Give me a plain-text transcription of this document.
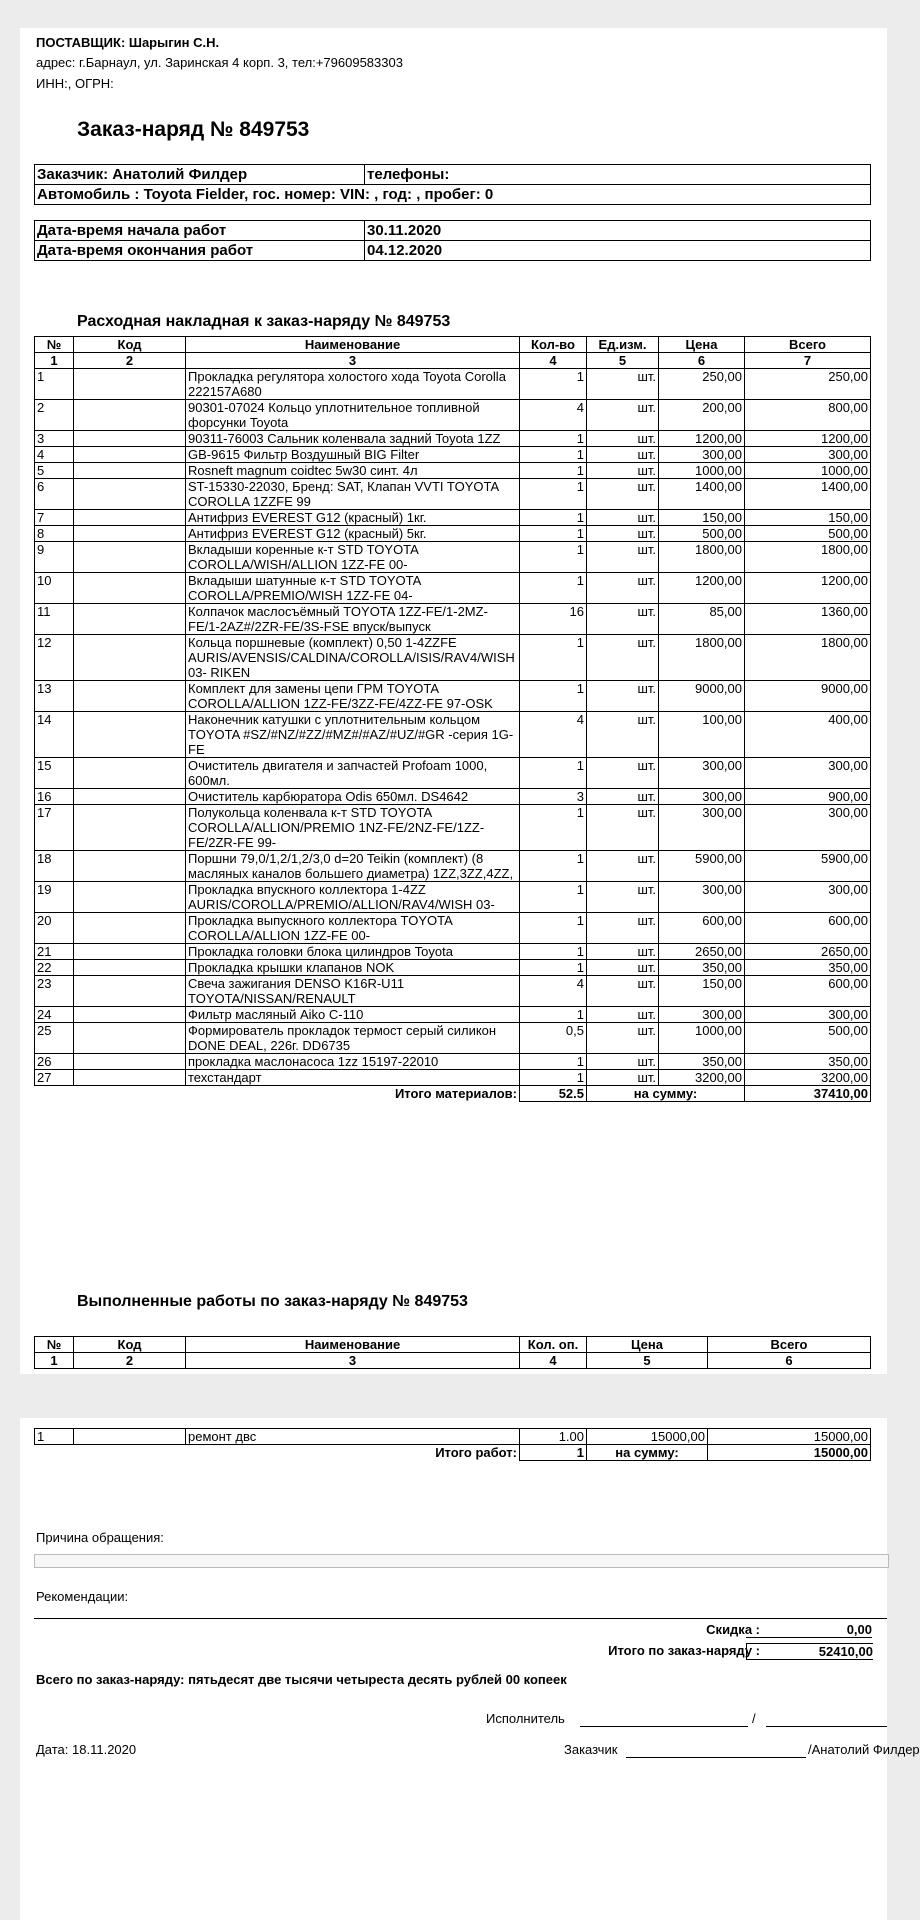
ПОСТАВЩИК: Шарыгин С.Н.
адрес: г.Барнаул, ул. Заринская 4 корп. 3, тел:+79609583303
ИНН:, ОГРН:
Заказ-наряд № 849753
Заказчик: Анатолий Филдер	телефоны:
Автомобиль : Toyota Fielder, гос. номер: VIN: , год: , пробег: 0
Дата-время начала работ	30.11.2020
Дата-время окончания работ	04.12.2020
Расходная накладная к заказ-наряду № 849753
№	Код	Наименование	Кол-во	Ед.изм.	Цена	Всего
1	2	3	4	5	6	7
1		Прокладка регулятора холостого хода Toyota Corolla 222157A680	1	шт.	250,00	250,00
2		90301-07024 Кольцо уплотнительное топливной форсунки Toyota	4	шт.	200,00	800,00
3		90311-76003 Сальник коленвала задний Toyota 1ZZ	1	шт.	1200,00	1200,00
4		GB-9615 Фильтр Воздушный BIG Filter	1	шт.	300,00	300,00
5		Rosneft magnum coidtec 5w30 синт. 4л	1	шт.	1000,00	1000,00
6		ST-15330-22030, Бренд: SAT, Клапан VVTI TOYOTA COROLLA 1ZZFE 99	1	шт.	1400,00	1400,00
7		Антифриз EVEREST G12 (красный) 1кг.	1	шт.	150,00	150,00
8		Антифриз EVEREST G12 (красный) 5кг.	1	шт.	500,00	500,00
9		Вкладыши коренные к-т STD TOYOTA COROLLA/WISH/ALLION 1ZZ-FE 00-	1	шт.	1800,00	1800,00
10		Вкладыши шатунные к-т STD TOYOTA COROLLA/PREMIO/WISH 1ZZ-FE 04-	1	шт.	1200,00	1200,00
11		Колпачок маслосъёмный TOYOTA 1ZZ-FE/1-2MZ-FE/1-2AZ#/2ZR-FE/3S-FSE впуск/выпуск	16	шт.	85,00	1360,00
12		Кольца поршневые (комплект) 0,50 1-4ZZFE AURIS/AVENSIS/CALDINA/COROLLA/ISIS/RAV4/WISH 03- RIKEN	1	шт.	1800,00	1800,00
13		Комплект для замены цепи ГРМ TOYOTA COROLLA/ALLION 1ZZ-FE/3ZZ-FE/4ZZ-FE 97-OSK	1	шт.	9000,00	9000,00
14		Наконечник катушки с уплотнительным кольцом TOYOTA #SZ/#NZ/#ZZ/#MZ#/#AZ/#UZ/#GR -серия 1G-FE	4	шт.	100,00	400,00
15		Очиститель двигателя и запчастей Profoam 1000, 600мл.	1	шт.	300,00	300,00
16		Очиститель карбюратора Odis 650мл. DS4642	3	шт.	300,00	900,00
17		Полукольца коленвала к-т STD TOYOTA COROLLA/ALLION/PREMIO 1NZ-FE/2NZ-FE/1ZZ-FE/2ZR-FE 99-	1	шт.	300,00	300,00
18		Поршни 79,0/1,2/1,2/3,0 d=20 Teikin (комплект) (8 масляных каналов большего диаметра) 1ZZ,3ZZ,4ZZ,	1	шт.	5900,00	5900,00
19		Прокладка впускного коллектора 1-4ZZ AURIS/COROLLA/PREMIO/ALLION/RAV4/WISH 03-	1	шт.	300,00	300,00
20		Прокладка выпускного коллектора TOYOTA COROLLA/ALLION 1ZZ-FE 00-	1	шт.	600,00	600,00
21		Прокладка головки блока цилиндров Toyota	1	шт.	2650,00	2650,00
22		Прокладка крышки клапанов NOK	1	шт.	350,00	350,00
23		Свеча зажигания DENSO K16R-U11 TOYOTA/NISSAN/RENAULT	4	шт.	150,00	600,00
24		Фильтр масляный Aiko C-110	1	шт.	300,00	300,00
25		Формирователь прокладок термост серый силикон DONE DEAL, 226г. DD6735	0,5	шт.	1000,00	500,00
26		прокладка маслонасоса 1zz 15197-22010	1	шт.	350,00	350,00
27		техстандарт	1	шт.	3200,00	3200,00
Итого материалов:			52.5	на сумму:		37410,00
Выполненные работы по заказ-наряду № 849753
№	Код	Наименование	Кол. оп.	Цена	Всего
1	2	3	4	5	6
1		ремонт двс	1.00	15000,00	15000,00
Итого работ:			1	на сумму:	15000,00
Причина обращения:
Рекомендации:
Скидка :	0,00
Итого по заказ-наряду :	52410,00
Всего по заказ-наряду: пятьдесят две тысячи четыреста десять рублей 00 копеек
Исполнитель	/
Дата: 18.11.2020	Заказчик	/Анатолий Филдер
